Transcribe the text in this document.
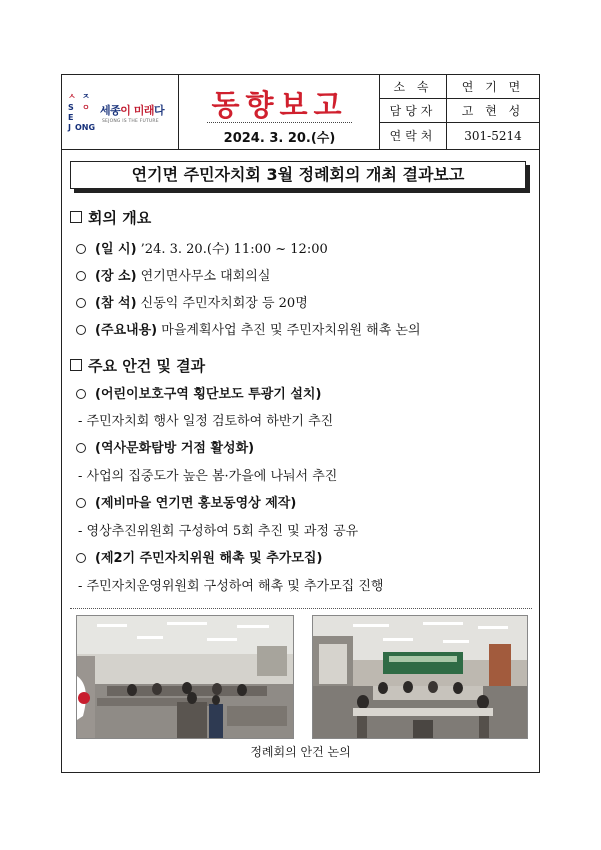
ㅅ ㅈ
S ㅇ
E
J ONG
세종이 미래다
SEJONG IS THE FUTURE	동향보고
2024. 3. 20.(수)
소 속	연 기 면
담당자	고 현 성
연락처	301-5214
연기면 주민자치회 3월 정례회의 개최 결과보고
회의 개요
(일 시) ’24. 3. 20.(수) 11:00 ~ 12:00
(장 소) 연기면사무소 대회의실
(참 석) 신동익 주민자치회장 등 20명
(주요내용) 마을계획사업 추진 및 주민자치위원 해촉 논의
주요 안건 및 결과
(어린이보호구역 횡단보도 투광기 설치)
- 주민자치회 행사 일정 검토하여 하반기 추진
(역사문화탐방 거점 활성화)
- 사업의 집중도가 높은 봄·가을에 나눠서 추진
(제비마을 연기면 홍보동영상 제작)
- 영상추진위원회 구성하여 5회 추진 및 과정 공유
(제2기 주민자치위원 해촉 및 추가모집)
- 주민자치운영위원회 구성하여 해촉 및 추가모집 진행
정례회의 안건 논의
